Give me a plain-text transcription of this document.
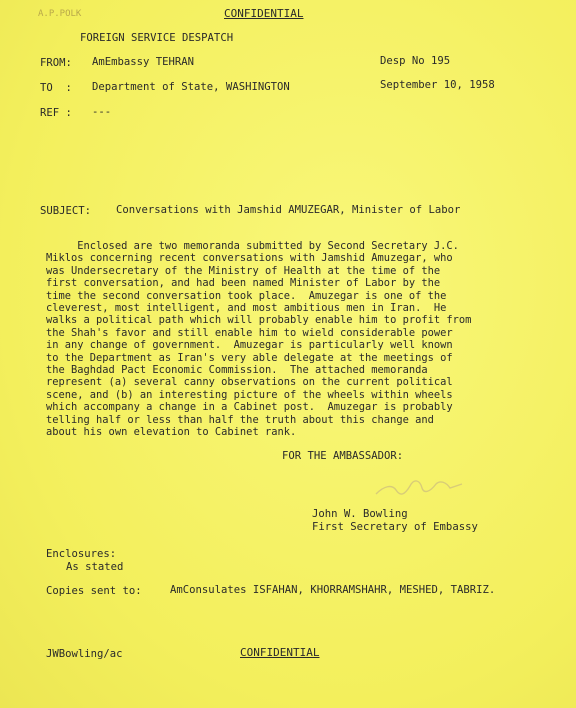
A.P.POLK	CONFIDENTIAL
FOREIGN SERVICE DESPATCH
FROM: AmEmbassy TEHRAN	Desp No 195
TO  : Department of State, WASHINGTON	September 10, 1958
REF : ---
SUBJECT: Conversations with Jamshid AMUZEGAR, Minister of Labor
Enclosed are two memoranda submitted by Second Secretary J.C.
Miklos concerning recent conversations with Jamshid Amuzegar, who
was Undersecretary of the Ministry of Health at the time of the
first conversation, and had been named Minister of Labor by the
time the second conversation took place.  Amuzegar is one of the
cleverest, most intelligent, and most ambitious men in Iran.  He
walks a political path which will probably enable him to profit from
the Shah's favor and still enable him to wield considerable power
in any change of government.  Amuzegar is particularly well known
to the Department as Iran's very able delegate at the meetings of
the Baghdad Pact Economic Commission.  The attached memoranda
represent (a) several canny observations on the current political
scene, and (b) an interesting picture of the wheels within wheels
which accompany a change in a Cabinet post.  Amuzegar is probably
telling half or less than half the truth about this change and
about his own elevation to Cabinet rank.
FOR THE AMBASSADOR:
John W. Bowling
First Secretary of Embassy
Enclosures:
As stated
Copies sent to:	AmConsulates ISFAHAN, KHORRAMSHAHR, MESHED, TABRIZ.
JWBowling/ac	CONFIDENTIAL
